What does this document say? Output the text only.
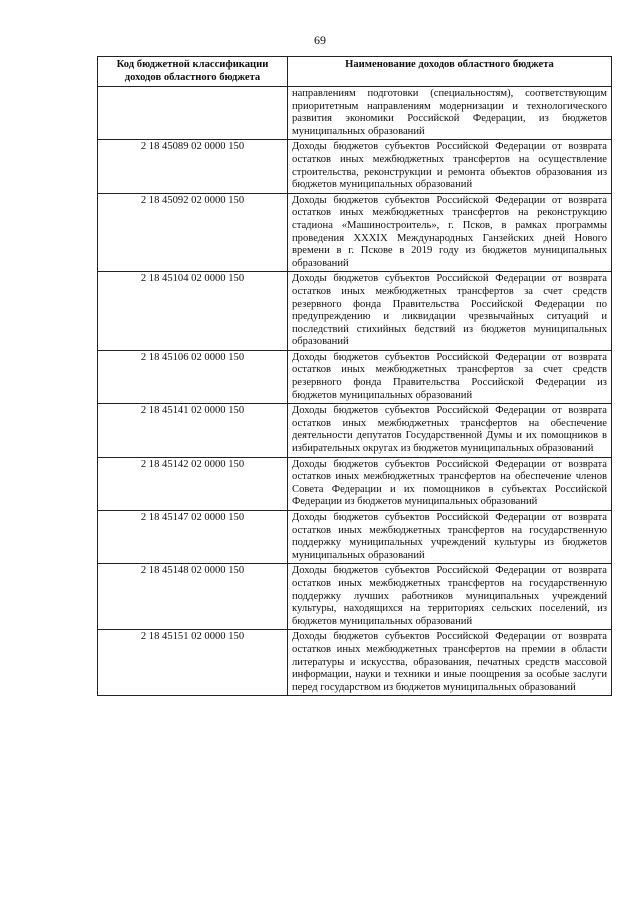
69
Код бюджетной классификации доходов областного бюджета	Наименование доходов областного бюджета
	направлениям подготовки (специальностям), соответствующим приоритетным направлениям модернизации и технологического развития экономики Российской Федерации, из бюджетов муниципальных образований
2 18 45089 02 0000 150	Доходы бюджетов субъектов Российской Федерации от возврата остатков иных межбюджетных трансфертов на осуществление строительства, реконструкции и ремонта объектов образования из бюджетов муниципальных образований
2 18 45092 02 0000 150	Доходы бюджетов субъектов Российской Федерации от возврата остатков иных межбюджетных трансфертов на реконструкцию стадиона «Машиностроитель», г. Псков, в рамках программы проведения XXXIX Международных Ганзейских дней Нового времени в г. Пскове в 2019 году из бюджетов муниципальных образований
2 18 45104 02 0000 150	Доходы бюджетов субъектов Российской Федерации от возврата остатков иных межбюджетных трансфертов за счет средств резервного фонда Правительства Российской Федерации по предупреждению и ликвидации чрезвычайных ситуаций и последствий стихийных бедствий из бюджетов муниципальных образований
2 18 45106 02 0000 150	Доходы бюджетов субъектов Российской Федерации от возврата остатков иных межбюджетных трансфертов за счет средств резервного фонда Правительства Российской Федерации из бюджетов муниципальных образований
2 18 45141 02 0000 150	Доходы бюджетов субъектов Российской Федерации от возврата остатков иных межбюджетных трансфертов на обеспечение деятельности депутатов Государственной Думы и их помощников в избирательных округах из бюджетов муниципальных образований
2 18 45142 02 0000 150	Доходы бюджетов субъектов Российской Федерации от возврата остатков иных межбюджетных трансфертов на обеспечение членов Совета Федерации и их помощников в субъектах Российской Федерации из бюджетов муниципальных образований
2 18 45147 02 0000 150	Доходы бюджетов субъектов Российской Федерации от возврата остатков иных межбюджетных трансфертов на государственную поддержку муниципальных учреждений культуры из бюджетов муниципальных образований
2 18 45148 02 0000 150	Доходы бюджетов субъектов Российской Федерации от возврата остатков иных межбюджетных трансфертов на государственную поддержку лучших работников муниципальных учреждений культуры, находящихся на территориях сельских поселений, из бюджетов муниципальных образований
2 18 45151 02 0000 150	Доходы бюджетов субъектов Российской Федерации от возврата остатков иных межбюджетных трансфертов на премии в области литературы и искусства, образования, печатных средств массовой информации, науки и техники и иные поощрения за особые заслуги перед государством из бюджетов муниципальных образований
